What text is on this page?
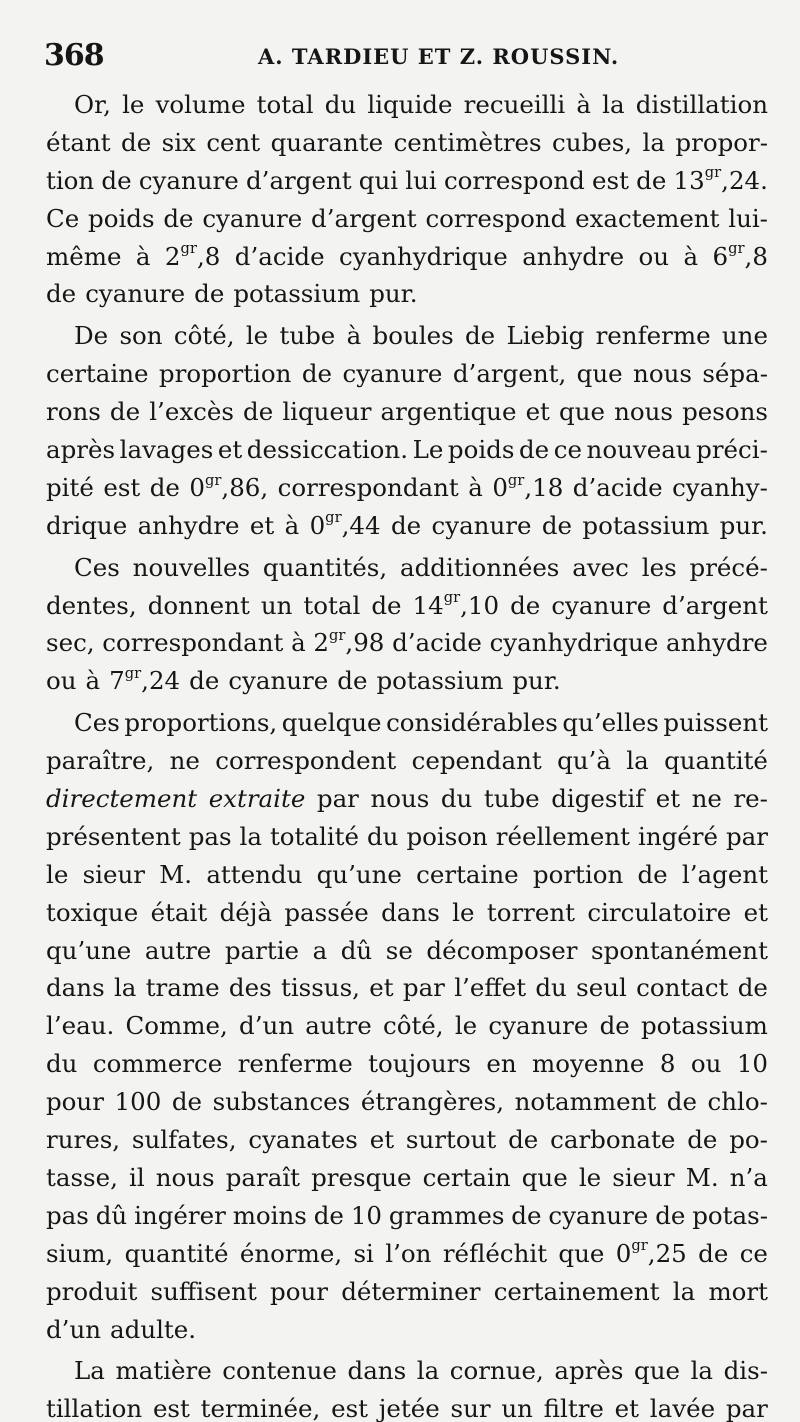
368	A. TARDIEU ET Z. ROUSSIN.
Or, le volume total du liquide recueilli à la distillation
étant de six cent quarante centimètres cubes, la propor-
tion de cyanure d’argent qui lui correspond est de $13^{gr},24$.
Ce poids de cyanure d’argent correspond exactement lui-
même à $2^{gr},8$ d’acide cyanhydrique anhydre ou à $6^{gr},8$
de cyanure de potassium pur.
De son côté, le tube à boules de Liebig renferme une
certaine proportion de cyanure d’argent, que nous sépa-
rons de l’excès de liqueur argentique et que nous pesons
après lavages et dessiccation. Le poids de ce nouveau préci-
pité est de $0^{gr},86$, correspondant à $0^{gr},18$ d’acide cyanhy-
drique anhydre et à $0^{gr},44$ de cyanure de potassium pur.
Ces nouvelles quantités, additionnées avec les précé-
dentes, donnent un total de $14^{gr},10$ de cyanure d’argent
sec, correspondant à $2^{gr},98$ d’acide cyanhydrique anhydre
ou à $7^{gr},24$ de cyanure de potassium pur.
Ces proportions, quelque considérables qu’elles puissent
paraître, ne correspondent cependant qu’à la quantité
directement extraite par nous du tube digestif et ne re-
présentent pas la totalité du poison réellement ingéré par
le sieur M. attendu qu’une certaine portion de l’agent
toxique était déjà passée dans le torrent circulatoire et
qu’une autre partie a dû se décomposer spontanément
dans la trame des tissus, et par l’effet du seul contact de
l’eau. Comme, d’un autre côté, le cyanure de potassium
du commerce renferme toujours en moyenne 8 ou 10
pour 100 de substances étrangères, notamment de chlo-
rures, sulfates, cyanates et surtout de carbonate de po-
tasse, il nous paraît presque certain que le sieur M. n’a
pas dû ingérer moins de 10 grammes de cyanure de potas-
sium, quantité énorme, si l’on réfléchit que $0^{gr},25$ de ce
produit suffisent pour déterminer certainement la mort
d’un adulte.
La matière contenue dans la cornue, après que la dis-
tillation est terminée, est jetée sur un filtre et lavée par
